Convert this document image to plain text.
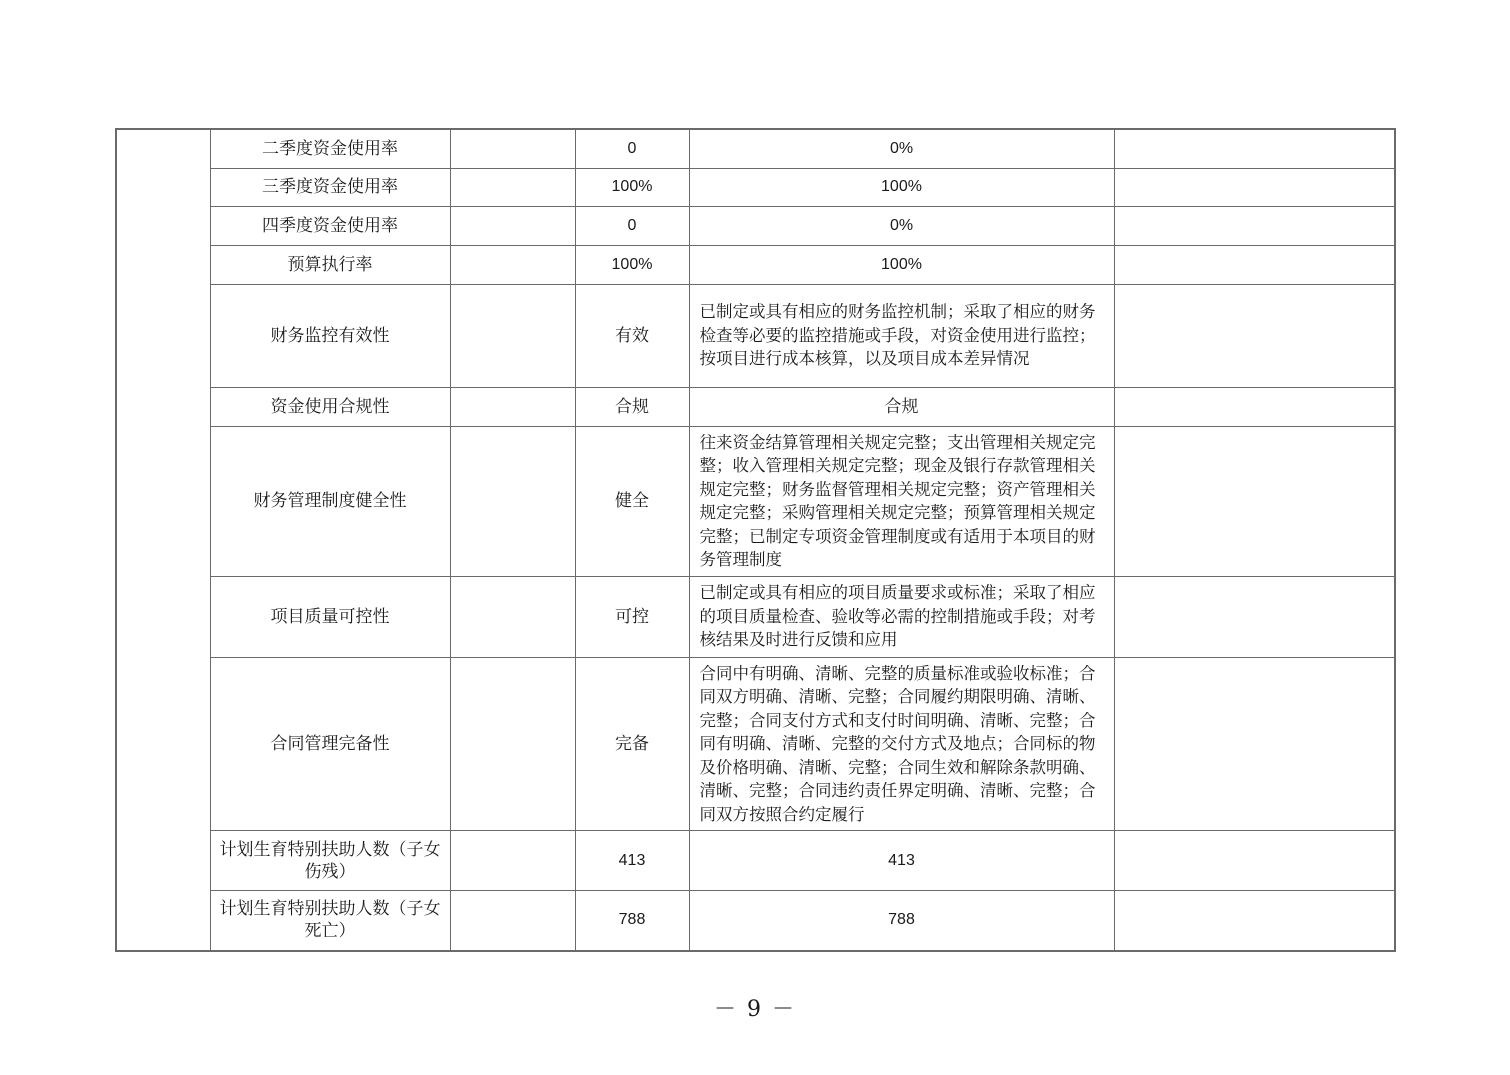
	二季度资金使用率		0	0%	
	三季度资金使用率		100%	100%	
	四季度资金使用率		0	0%	
	预算执行率		100%	100%	
	财务监控有效性		有效	已制定或具有相应的财务监控机制；采取了相应的财务检查等必要的监控措施或手段，对资金使用进行监控；按项目进行成本核算，以及项目成本差异情况	
	资金使用合规性		合规	合规	
	财务管理制度健全性		健全	往来资金结算管理相关规定完整；支出管理相关规定完整；收入管理相关规定完整；现金及银行存款管理相关规定完整；财务监督管理相关规定完整；资产管理相关规定完整；采购管理相关规定完整；预算管理相关规定完整；已制定专项资金管理制度或有适用于本项目的财务管理制度	
	项目质量可控性		可控	已制定或具有相应的项目质量要求或标准；采取了相应的项目质量检查、验收等必需的控制措施或手段；对考核结果及时进行反馈和应用	
	合同管理完备性		完备	合同中有明确、清晰、完整的质量标准或验收标准；合同双方明确、清晰、完整；合同履约期限明确、清晰、完整；合同支付方式和支付时间明确、清晰、完整；合同有明确、清晰、完整的交付方式及地点；合同标的物及价格明确、清晰、完整；合同生效和解除条款明确、清晰、完整；合同违约责任界定明确、清晰、完整；合同双方按照合约定履行	
	计划生育特别扶助人数（子女伤残）		413	413	
	计划生育特别扶助人数（子女死亡）		788	788	
－ 9 －
